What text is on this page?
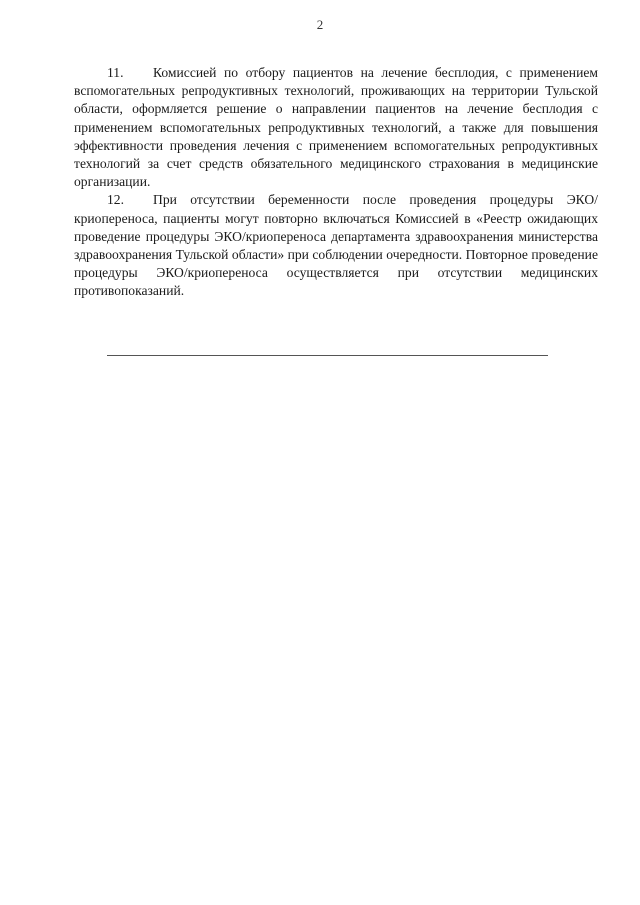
2

11. Комиссией по отбору пациентов на лечение бесплодия, с применением вспомогательных репродуктивных технологий, проживающих на территории Тульской области, оформляется решение о направлении пациентов на лечение бесплодия с применением вспомогательных репродуктивных технологий, а также для повышения эффективности проведения лечения с применением вспомогательных репродуктивных технологий за счет средств обязательного медицинского страхования в медицинские организации.

12. При отсутствии беременности после проведения процедуры ЭКО/криопереноса, пациенты могут повторно включаться Комиссией в «Реестр ожидающих проведение процедуры ЭКО/криопереноса департамента здравоохранения министерства здравоохранения Тульской области» при соблюдении очередности. Повторное проведение процедуры ЭКО/криопереноса осуществляется при отсутствии медицинских противопоказаний.
